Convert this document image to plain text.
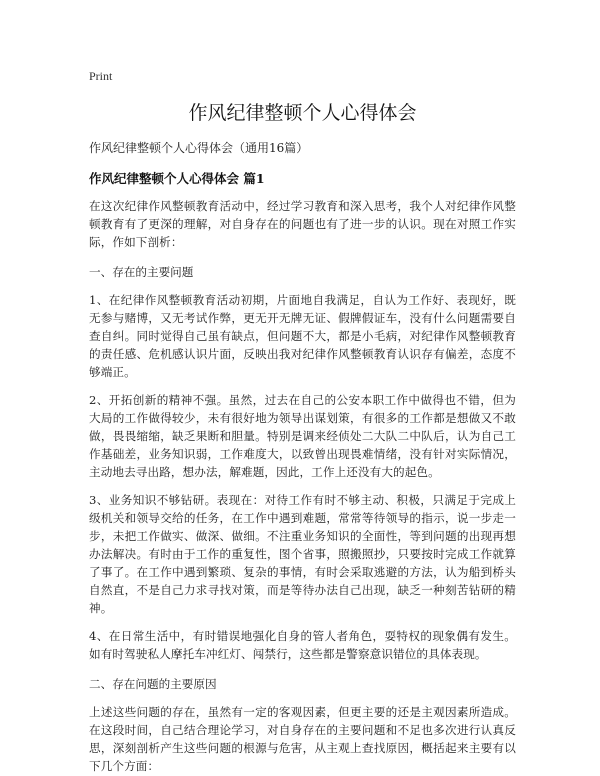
Print

作风纪律整顿个人心得体会

作风纪律整顿个人心得体会（通用16篇）

作风纪律整顿个人心得体会 篇1

在这次纪律作风整顿教育活动中，经过学习教育和深入思考，我个人对纪律作风整顿教育有了更深的理解，对自身存在的问题也有了进一步的认识。现在对照工作实际，作如下剖析：

一、存在的主要问题

1、在纪律作风整顿教育活动初期，片面地自我满足，自认为工作好、表现好，既无参与赌博，又无考试作弊，更无开无牌无证、假牌假证车，没有什么问题需要自查自纠。同时觉得自己虽有缺点，但问题不大，都是小毛病，对纪律作风整顿教育的责任感、危机感认识片面，反映出我对纪律作风整顿教育认识存有偏差，态度不够端正。

2、开拓创新的精神不强。虽然，过去在自己的公安本职工作中做得也不错，但为大局的工作做得较少，未有很好地为领导出谋划策，有很多的工作都是想做又不敢做，畏畏缩缩，缺乏果断和胆量。特别是调来经侦处二大队二中队后，认为自己工作基础差，业务知识弱，工作难度大，以致曾出现畏难情绪，没有针对实际情况，主动地去寻出路，想办法，解难题，因此，工作上还没有大的起色。

3、业务知识不够钻研。表现在：对待工作有时不够主动、积极，只满足于完成上级机关和领导交给的任务，在工作中遇到难题，常常等待领导的指示，说一步走一步，未把工作做实、做深、做细。不注重业务知识的全面性，等到问题的出现再想办法解决。有时由于工作的重复性，图个省事，照搬照抄，只要按时完成工作就算了事了。在工作中遇到繁琐、复杂的事情，有时会采取逃避的方法，认为船到桥头自然直，不是自己力求寻找对策，而是等待办法自己出现，缺乏一种刻苦钻研的精神。

4、在日常生活中，有时错误地强化自身的管人者角色，耍特权的现象偶有发生。如有时驾驶私人摩托车冲红灯、闯禁行，这些都是警察意识错位的具体表现。

二、存在问题的主要原因

上述这些问题的存在，虽然有一定的客观因素，但更主要的还是主观因素所造成。在这段时间，自己结合理论学习，对自身存在的主要问题和不足也多次进行认真反思，深刻剖析产生这些问题的根源与危害，从主观上查找原因，概括起来主要有以下几个方面：
